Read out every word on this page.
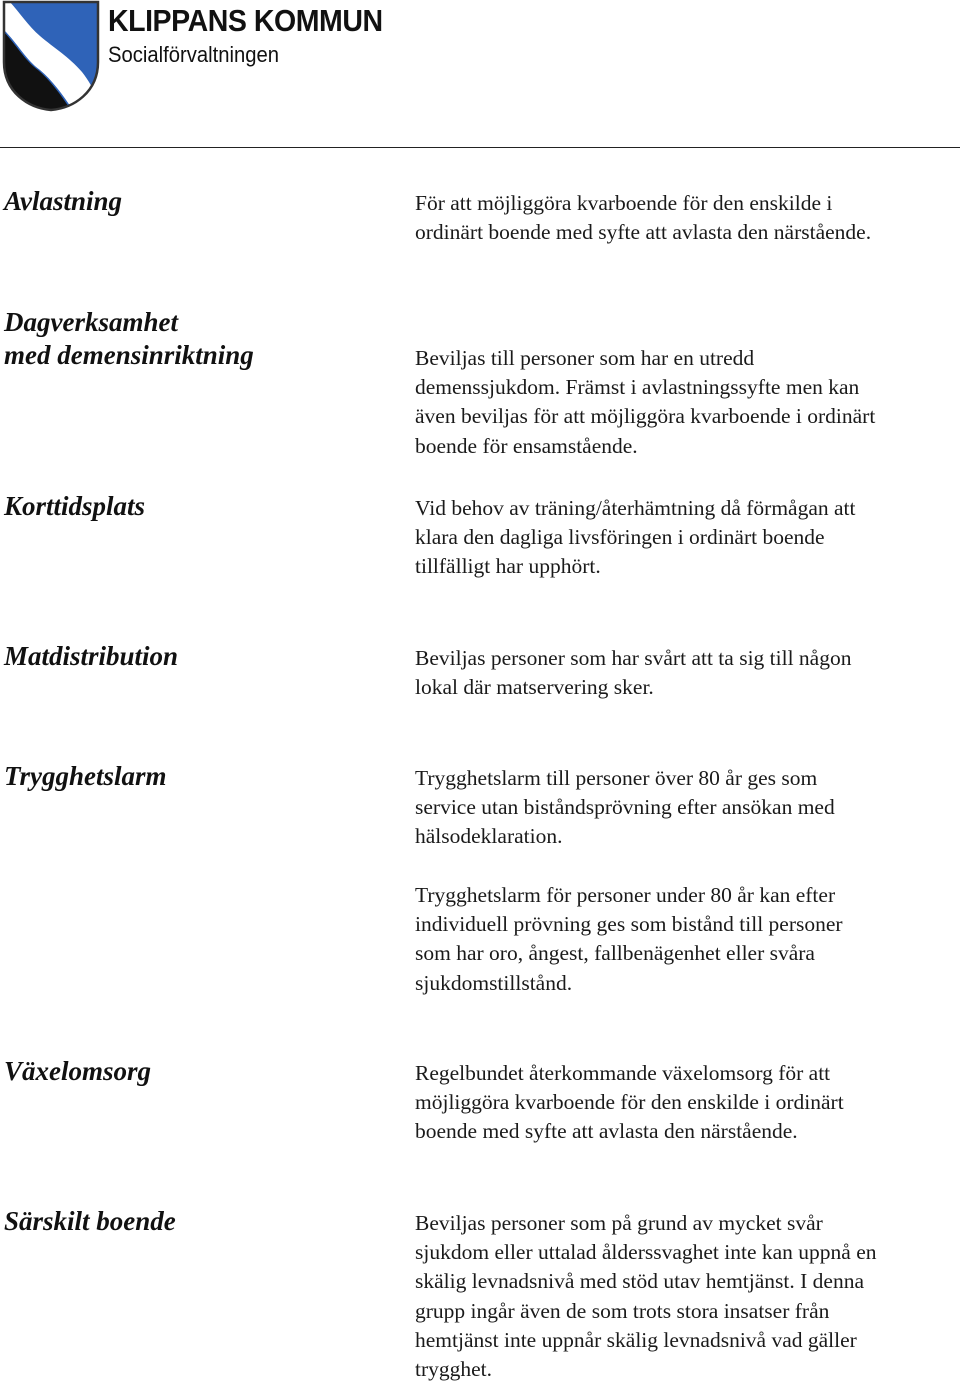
KLIPPANS KOMMUN
Socialförvaltningen
Avlastning	För att möjliggöra kvarboende för den enskilde i
ordinärt boende med syfte att avlasta den närstående.
Dagverksamhet
med demensinriktning	Beviljas till personer som har en utredd
demenssjukdom. Främst i avlastningssyfte men kan
även beviljas för att möjliggöra kvarboende i ordinärt
boende för ensamstående.
Korttidsplats	Vid behov av träning/återhämtning då förmågan att
klara den dagliga livsföringen i ordinärt boende
tillfälligt har upphört.
Matdistribution	Beviljas personer som har svårt att ta sig till någon
lokal där matservering sker.
Trygghetslarm	Trygghetslarm till personer över 80 år ges som
service utan biståndsprövning efter ansökan med
hälsodeklaration.
Trygghetslarm för personer under 80 år kan efter
individuell prövning ges som bistånd till personer
som har oro, ångest, fallbenägenhet eller svåra
sjukdomstillstånd.
Växelomsorg	Regelbundet återkommande växelomsorg för att
möjliggöra kvarboende för den enskilde i ordinärt
boende med syfte att avlasta den närstående.
Särskilt boende	Beviljas personer som på grund av mycket svår
sjukdom eller uttalad ålderssvaghet inte kan uppnå en
skälig levnadsnivå med stöd utav hemtjänst. I denna
grupp ingår även de som trots stora insatser från
hemtjänst inte uppnår skälig levnadsnivå vad gäller
trygghet.
